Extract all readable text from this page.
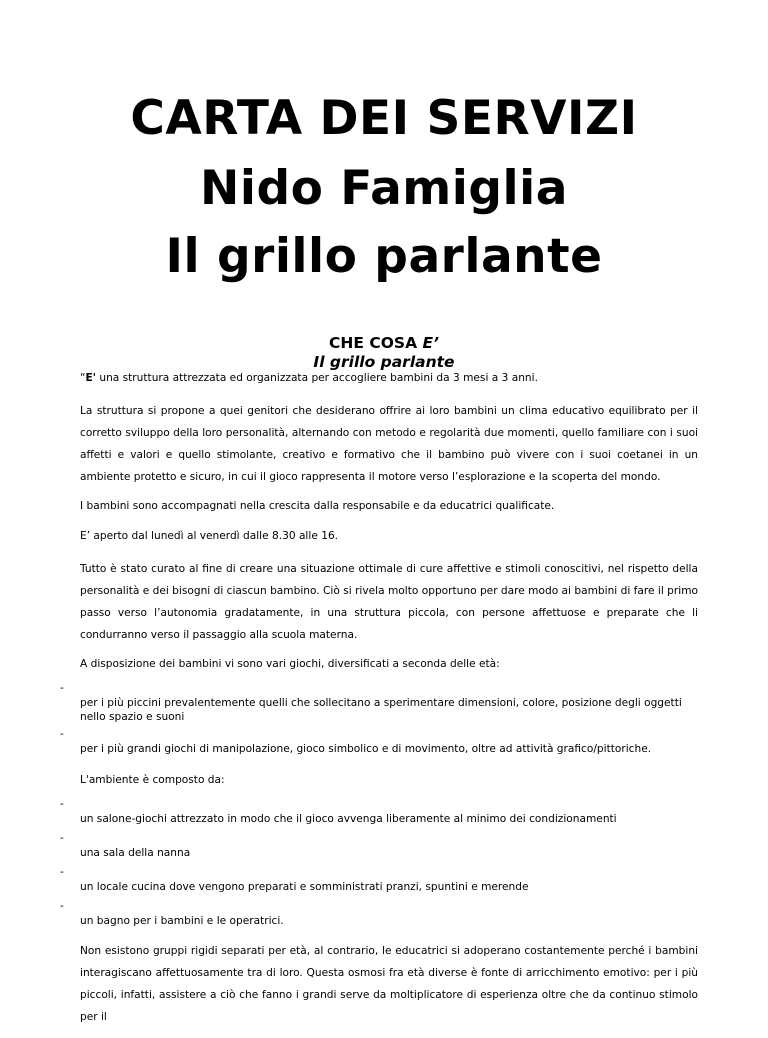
CARTA DEI SERVIZI
Nido Famiglia
Il grillo parlante
CHE COSA E’
Il grillo parlante

“E' una struttura attrezzata ed organizzata per accogliere bambini da 3 mesi a 3 anni.

La struttura si propone a quei genitori che desiderano offrire ai loro bambini un clima educativo equilibrato per il corretto sviluppo della loro personalità, alternando con metodo e regolarità due momenti, quello familiare con i suoi affetti e valori e quello stimolante, creativo e formativo che il bambino può vivere con i suoi coetanei in un ambiente protetto e sicuro, in cui il gioco rappresenta il motore verso l’esplorazione e la scoperta del mondo.

I bambini sono accompagnati nella crescita dalla responsabile e da educatrici qualificate.

E’ aperto dal lunedì al venerdì dalle 8.30 alle 16.

Tutto è stato curato al fine di creare una situazione ottimale di cure affettive e stimoli conoscitivi, nel rispetto della personalità e dei bisogni di ciascun bambino. Ciò si rivela molto opportuno per dare modo ai bambini di fare il primo passo verso l’autonomia gradatamente, in una struttura piccola, con persone affettuose e preparate che li condurranno verso il passaggio alla scuola materna.

A disposizione dei bambini vi sono vari giochi, diversificati a seconda delle età:

-
per i più piccini prevalentemente quelli che sollecitano a sperimentare dimensioni, colore, posizione degli oggetti nello spazio e suoni
-
per i più grandi giochi di manipolazione, gioco simbolico e di movimento, oltre ad attività grafico/pittoriche.

L'ambiente è composto da:

-
un salone-giochi attrezzato in modo che il gioco avvenga liberamente al minimo dei condizionamenti
-
una sala della nanna
-
un locale cucina dove vengono preparati e somministrati pranzi, spuntini e merende
-
un bagno per i bambini e le operatrici.

Non esistono gruppi rigidi separati per età, al contrario, le educatrici si adoperano costantemente perché i bambini interagiscano affettuosamente tra di loro. Questa osmosi fra età diverse è fonte di arricchimento emotivo: per i più piccoli, infatti, assistere a ciò che fanno i grandi serve da moltiplicatore di esperienza oltre che da continuo stimolo per il
